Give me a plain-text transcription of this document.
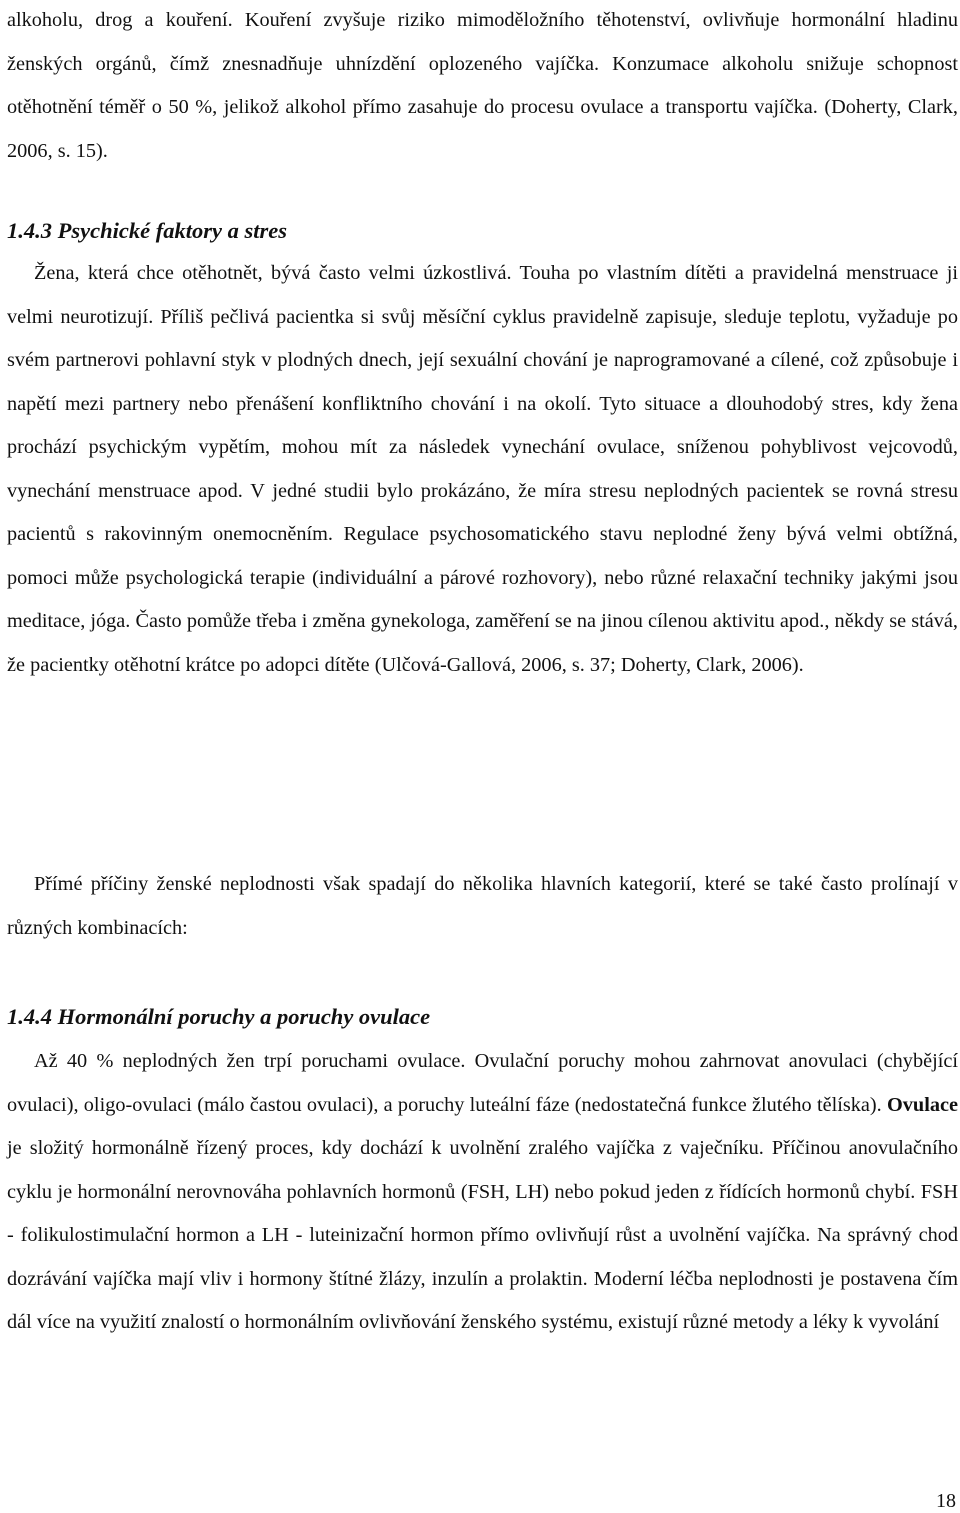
alkoholu, drog a kouření. Kouření zvyšuje riziko mimoděložního těhotenství, ovlivňuje hormonální hladinu ženských orgánů, čímž znesnadňuje uhnízdění oplozeného vajíčka. Konzumace alkoholu snižuje schopnost otěhotnění téměř o 50 %, jelikož alkohol přímo zasahuje do procesu ovulace a transportu vajíčka. (Doherty, Clark, 2006, s. 15).

1.4.3 Psychické faktory a stres

Žena, která chce otěhotnět, bývá často velmi úzkostlivá. Touha po vlastním dítěti a pravidelná menstruace ji velmi neurotizují. Příliš pečlivá pacientka si svůj měsíční cyklus pravidelně zapisuje, sleduje teplotu, vyžaduje po svém partnerovi pohlavní styk v plodných dnech, její sexuální chování je naprogramované a cílené, což způsobuje i napětí mezi partnery nebo přenášení konfliktního chování i na okolí. Tyto situace a dlouhodobý stres, kdy žena prochází psychickým vypětím, mohou mít za následek vynechání ovulace, sníženou pohyblivost vejcovodů, vynechání menstruace apod. V jedné studii bylo prokázáno, že míra stresu neplodných pacientek se rovná stresu pacientů s rakovinným onemocněním. Regulace psychosomatického stavu neplodné ženy bývá velmi obtížná, pomoci může psychologická terapie (individuální a párové rozhovory), nebo různé relaxační techniky jakými jsou meditace, jóga. Často pomůže třeba i změna gynekologa, zaměření se na jinou cílenou aktivitu apod., někdy se stává, že pacientky otěhotní krátce po adopci dítěte (Ulčová-Gallová, 2006, s. 37; Doherty, Clark, 2006).

Přímé příčiny ženské neplodnosti však spadají do několika hlavních kategorií, které se také často prolínají v různých kombinacích:

1.4.4 Hormonální poruchy a poruchy ovulace

Až 40 % neplodných žen trpí poruchami ovulace. Ovulační poruchy mohou zahrnovat anovulaci (chybějící ovulaci), oligo-ovulaci (málo častou ovulaci), a poruchy luteální fáze (nedostatečná funkce žlutého tělíska). Ovulace je složitý hormonálně řízený proces, kdy dochází k uvolnění zralého vajíčka z vaječníku. Příčinou anovulačního cyklu je hormonální nerovnováha pohlavních hormonů (FSH, LH) nebo pokud jeden z řídících hormonů chybí. FSH - folikulostimulační hormon a LH - luteinizační hormon přímo ovlivňují růst a uvolnění vajíčka. Na správný chod dozrávání vajíčka mají vliv i hormony štítné žlázy, inzulín a prolaktin. Moderní léčba neplodnosti je postavena čím dál více na využití znalostí o hormonálním ovlivňování ženského systému, existují různé metody a léky k vyvolání

18
